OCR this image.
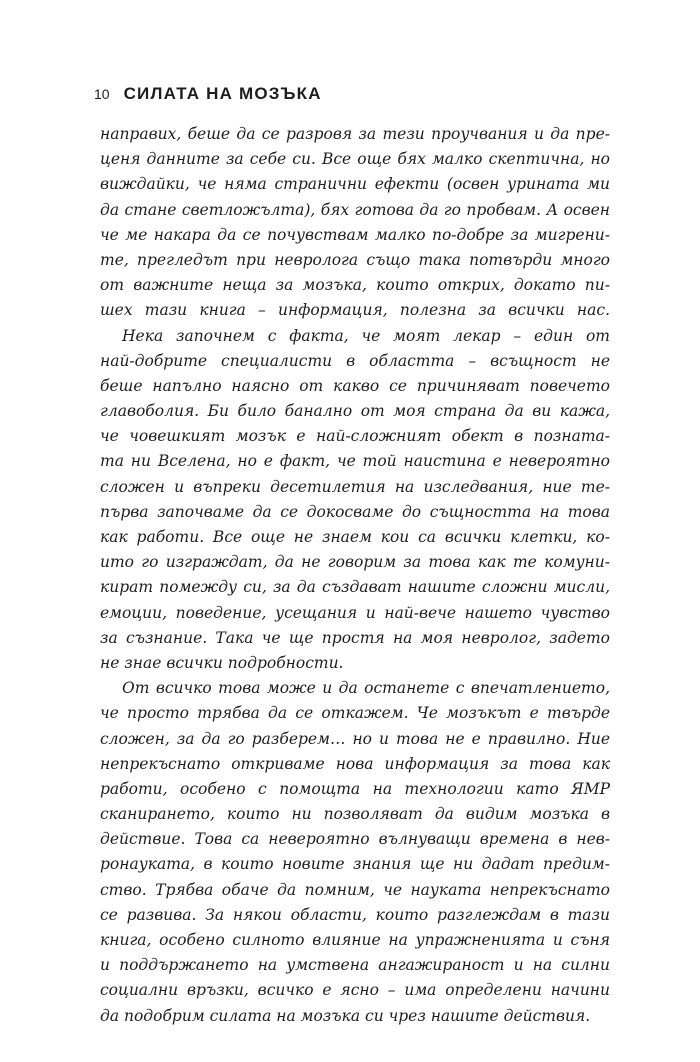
10 СИЛАТА НА МОЗЪКА
направих, беше да се разровя за тези проучвания и да пре-
ценя данните за себе си. Все още бях малко скептична, но
виждайки, че няма странични ефекти (освен урината ми
да стане светложълта), бях готова да го пробвам. А освен
че ме накара да се почувствам малко по-добре за мигрени-
те, прегледът при невролога също така потвърди много
от важните неща за мозъка, които открих, докато пи-
шех тази книга – информация, полезна за всички нас.
Нека започнем с факта, че моят лекар – един от
най-добрите специалисти в областта – всъщност не
беше напълно наясно от какво се причиняват повечето
главоболия. Би било банално от моя страна да ви кажа,
че човешкият мозък е най-сложният обект в позната-
та ни Вселена, но е факт, че той наистина е невероятно
сложен и въпреки десетилетия на изследвания, ние те-
първа започваме да се докосваме до същността на това
как работи. Все още не знаем кои са всички клетки, ко-
ито го изграждат, да не говорим за това как те комуни-
кират помежду си, за да създават нашите сложни мисли,
емоции, поведение, усещания и най-вече нашето чувство
за съзнание. Така че ще простя на моя невролог, задето
не знае всички подробности.
От всичко това може и да останете с впечатлението,
че просто трябва да се откажем. Че мозъкът е твърде
сложен, за да го разберем… но и това не е правилно. Ние
непрекъснато откриваме нова информация за това как
работи, особено с помощта на технологии като ЯМР
сканирането, които ни позволяват да видим мозъка в
действие. Това са невероятно вълнуващи времена в нев-
ронауката, в които новите знания ще ни дадат предим-
ство. Трябва обаче да помним, че науката непрекъснато
се развива. За някои области, които разглеждам в тази
книга, особено силното влияние на упражненията и съня
и поддържането на умствена ангажираност и на силни
социални връзки, всичко е ясно – има определени начини
да подобрим силата на мозъка си чрез нашите действия.
